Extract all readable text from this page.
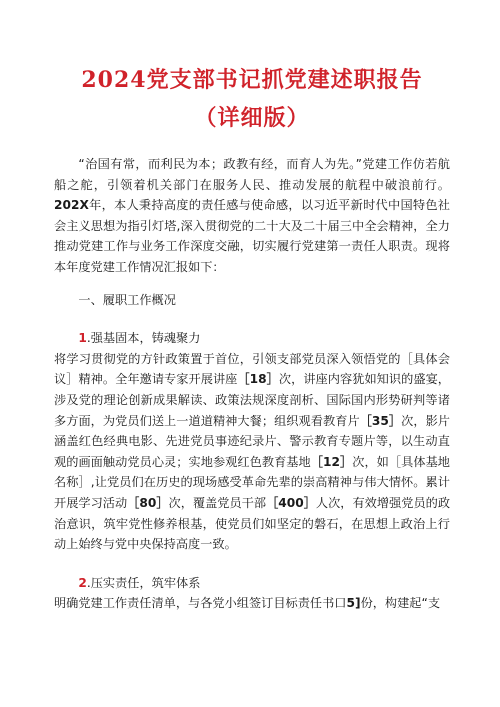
2024党支部书记抓党建述职报告
（详细版）

“治国有常，而利民为本；政教有经，而育人为先。”党建工作仿若航船之舵，引领着机关部门在服务人民、推动发展的航程中破浪前行。202X年，本人秉持高度的责任感与使命感，以习近平新时代中国特色社会主义思想为指引灯塔,深入贯彻党的二十大及二十届三中全会精神，全力推动党建工作与业务工作深度交融，切实履行党建第一责任人职责。现将本年度党建工作情况汇报如下：

一、履职工作概况

1.强基固本，铸魂聚力

将学习贯彻党的方针政策置于首位，引领支部党员深入领悟党的［具体会议］精神。全年邀请专家开展讲座［18］次，讲座内容犹如知识的盛宴，涉及党的理论创新成果解读、政策法规深度剖析、国际国内形势研判等诸多方面，为党员们送上一道道精神大餐；组织观看教育片［35］次，影片涵盖红色经典电影、先进党员事迹纪录片、警示教育专题片等，以生动直观的画面触动党员心灵；实地参观红色教育基地［12］次，如［具体基地名称］,让党员们在历史的现场感受革命先辈的崇高精神与伟大情怀。累计开展学习活动［80］次，覆盖党员干部［400］人次，有效增强党员的政治意识，筑牢党性修养根基，使党员们如坚定的磐石，在思想上政治上行动上始终与党中央保持高度一致。

2.压实责任，筑牢体系

明确党建工作责任清单，与各党小组签订目标责任书口5]份，构建起“支
